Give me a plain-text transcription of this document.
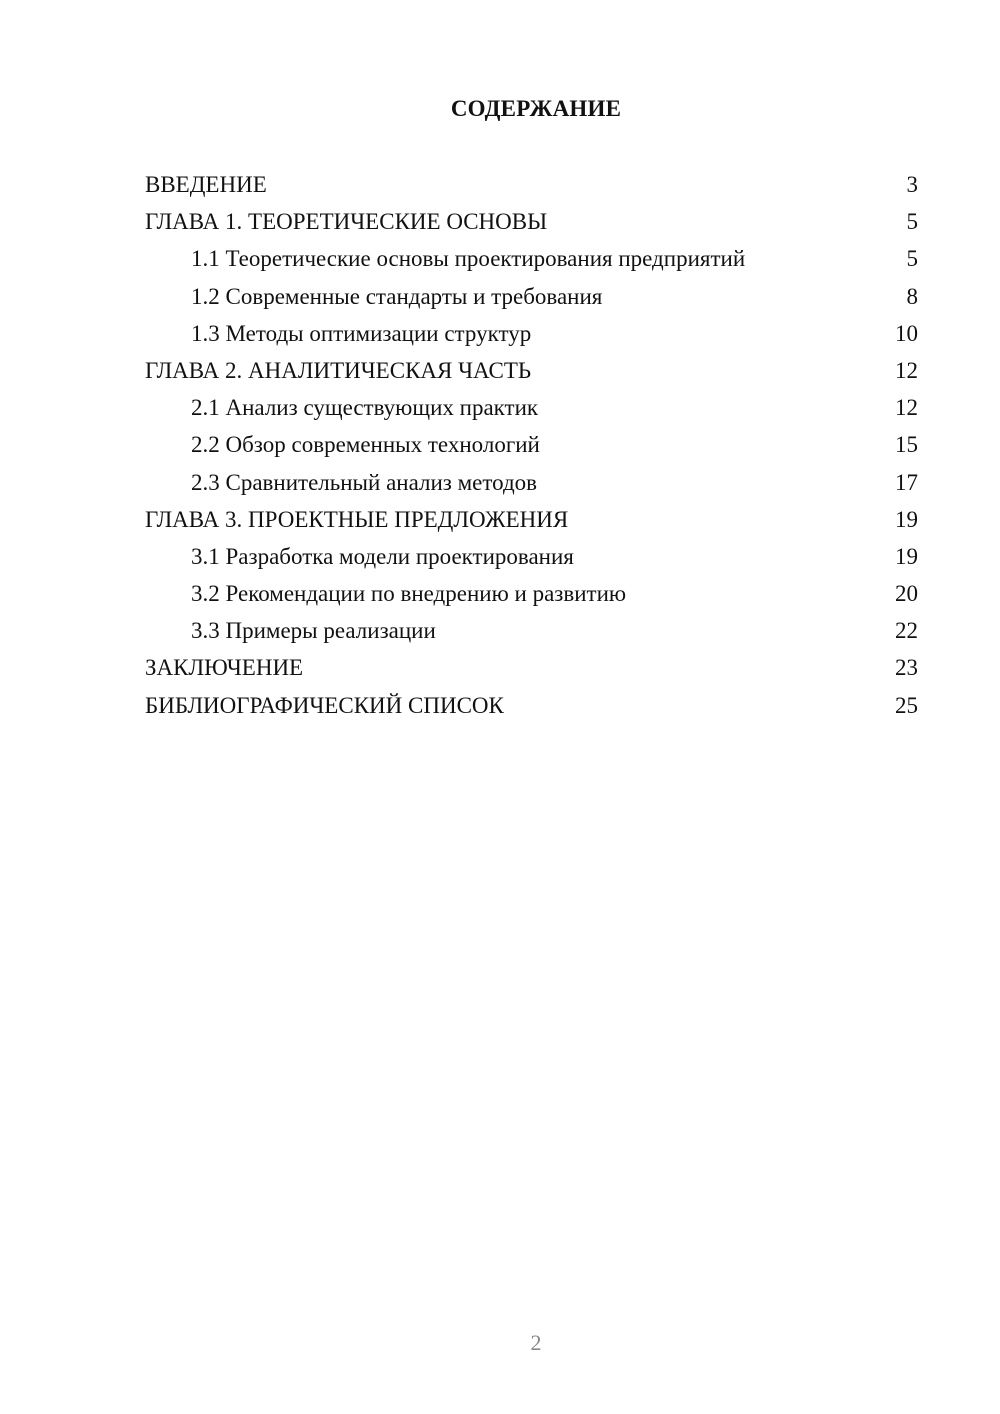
СОДЕРЖАНИЕ
ВВЕДЕНИЕ	3
ГЛАВА 1. ТЕОРЕТИЧЕСКИЕ ОСНОВЫ	5
1.1 Теоретические основы проектирования предприятий	5
1.2 Современные стандарты и требования	8
1.3 Методы оптимизации структур	10
ГЛАВА 2. АНАЛИТИЧЕСКАЯ ЧАСТЬ	12
2.1 Анализ существующих практик	12
2.2 Обзор современных технологий	15
2.3 Сравнительный анализ методов	17
ГЛАВА 3. ПРОЕКТНЫЕ ПРЕДЛОЖЕНИЯ	19
3.1 Разработка модели проектирования	19
3.2 Рекомендации по внедрению и развитию	20
3.3 Примеры реализации	22
ЗАКЛЮЧЕНИЕ	23
БИБЛИОГРАФИЧЕСКИЙ СПИСОК	25
2
